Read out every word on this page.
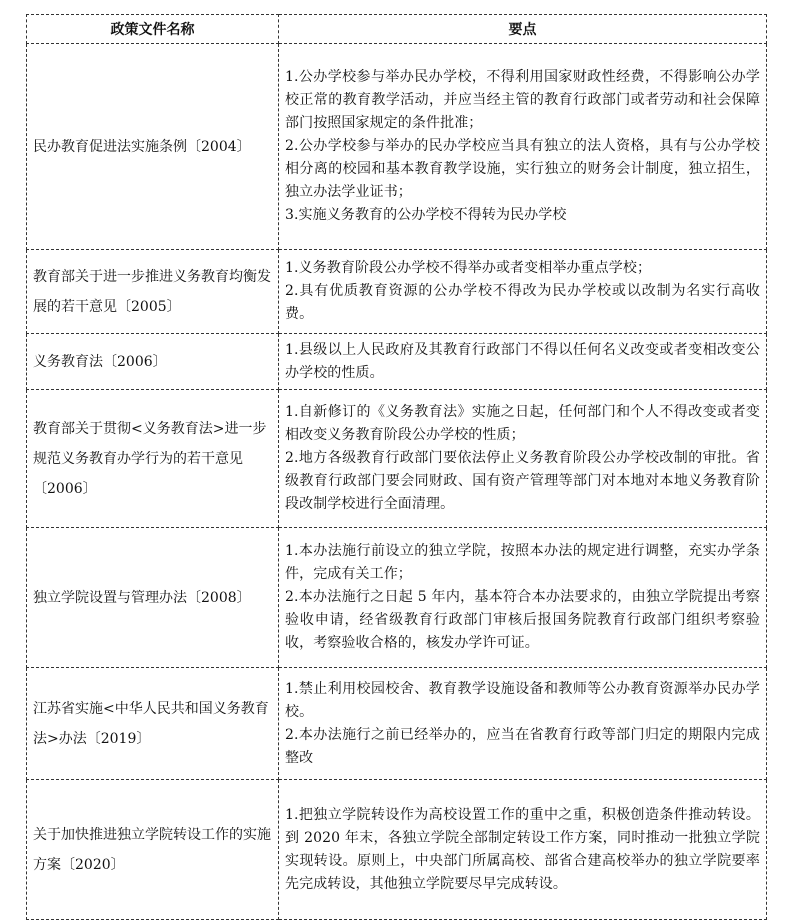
政策文件名称	要点

民办教育促进法实施条例〔2004〕	1.公办学校参与举办民办学校，不得利用国家财政性经费，不得影响公办学校正常的教育教学活动，并应当经主管的教育行政部门或者劳动和社会保障部门按照国家规定的条件批准；
2.公办学校参与举办的民办学校应当具有独立的法人资格，具有与公办学校相分离的校园和基本教育教学设施，实行独立的财务会计制度，独立招生，独立办法学业证书；
3.实施义务教育的公办学校不得转为民办学校

教育部关于进一步推进义务教育均衡发展的若干意见〔2005〕	1.义务教育阶段公办学校不得举办或者变相举办重点学校；
2.具有优质教育资源的公办学校不得改为民办学校或以改制为名实行高收费。

义务教育法〔2006〕	1.县级以上人民政府及其教育行政部门不得以任何名义改变或者变相改变公办学校的性质。

教育部关于贯彻<义务教育法>进一步规范义务教育办学行为的若干意见〔2006〕	1.自新修订的《义务教育法》实施之日起，任何部门和个人不得改变或者变相改变义务教育阶段公办学校的性质；
2.地方各级教育行政部门要依法停止义务教育阶段公办学校改制的审批。省级教育行政部门要会同财政、国有资产管理等部门对本地对本地义务教育阶段改制学校进行全面清理。

独立学院设置与管理办法〔2008〕	1.本办法施行前设立的独立学院，按照本办法的规定进行调整，充实办学条件，完成有关工作；
2.本办法施行之日起 5 年内，基本符合本办法要求的，由独立学院提出考察验收申请，经省级教育行政部门审核后报国务院教育行政部门组织考察验收，考察验收合格的，核发办学许可证。

江苏省实施<中华人民共和国义务教育法>办法〔2019〕	1.禁止利用校园校舍、教育教学设施设备和教师等公办教育资源举办民办学校。
2.本办法施行之前已经举办的，应当在省教育行政等部门归定的期限内完成整改

关于加快推进独立学院转设工作的实施方案〔2020〕	1.把独立学院转设作为高校设置工作的重中之重，积极创造条件推动转设。到 2020 年末，各独立学院全部制定转设工作方案，同时推动一批独立学院实现转设。原则上，中央部门所属高校、部省合建高校举办的独立学院要率先完成转设，其他独立学院要尽早完成转设。
